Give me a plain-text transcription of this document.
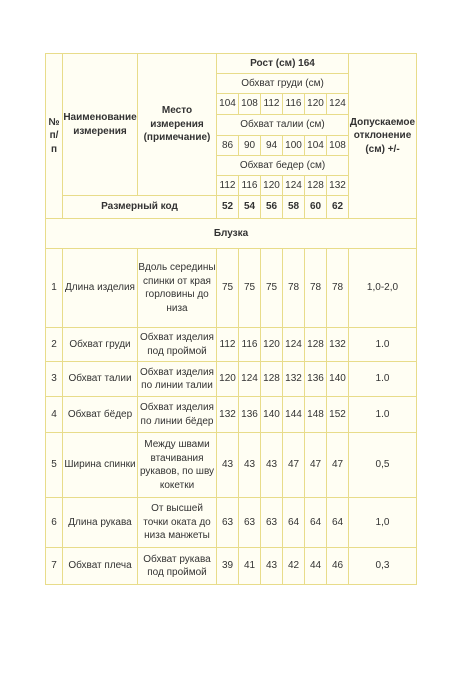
№ п/ п	Наименование измерения	Место измерения (примечание)	Рост (см) 164						Допускаемое отклонение (см) +/-
			Обхват груди (см)						
			104	108	112	116	120	124	
			Обхват талии (см)						
			86	90	94	100	104	108	
			Обхват бедер (см)						
			112	116	120	124	128	132	
	Размерный код		52	54	56	58	60	62	
Блузка									
1	Длина изделия	Вдоль середины спинки от края горловины до низа	75	75	75	78	78	78	1,0-2,0
2	Обхват груди	Обхват изделия под проймой	112	116	120	124	128	132	1.0
3	Обхват талии	Обхват изделия по линии талии	120	124	128	132	136	140	1.0
4	Обхват бёдер	Обхват изделия по линии бёдер	132	136	140	144	148	152	1.0
5	Ширина спинки	Между швами втачивания рукавов, по шву кокетки	43	43	43	47	47	47	0,5
6	Длина рукава	От высшей точки оката до низа манжеты	63	63	63	64	64	64	1,0
7	Обхват плеча	Обхват рукава под проймой	39	41	43	42	44	46	0,3
